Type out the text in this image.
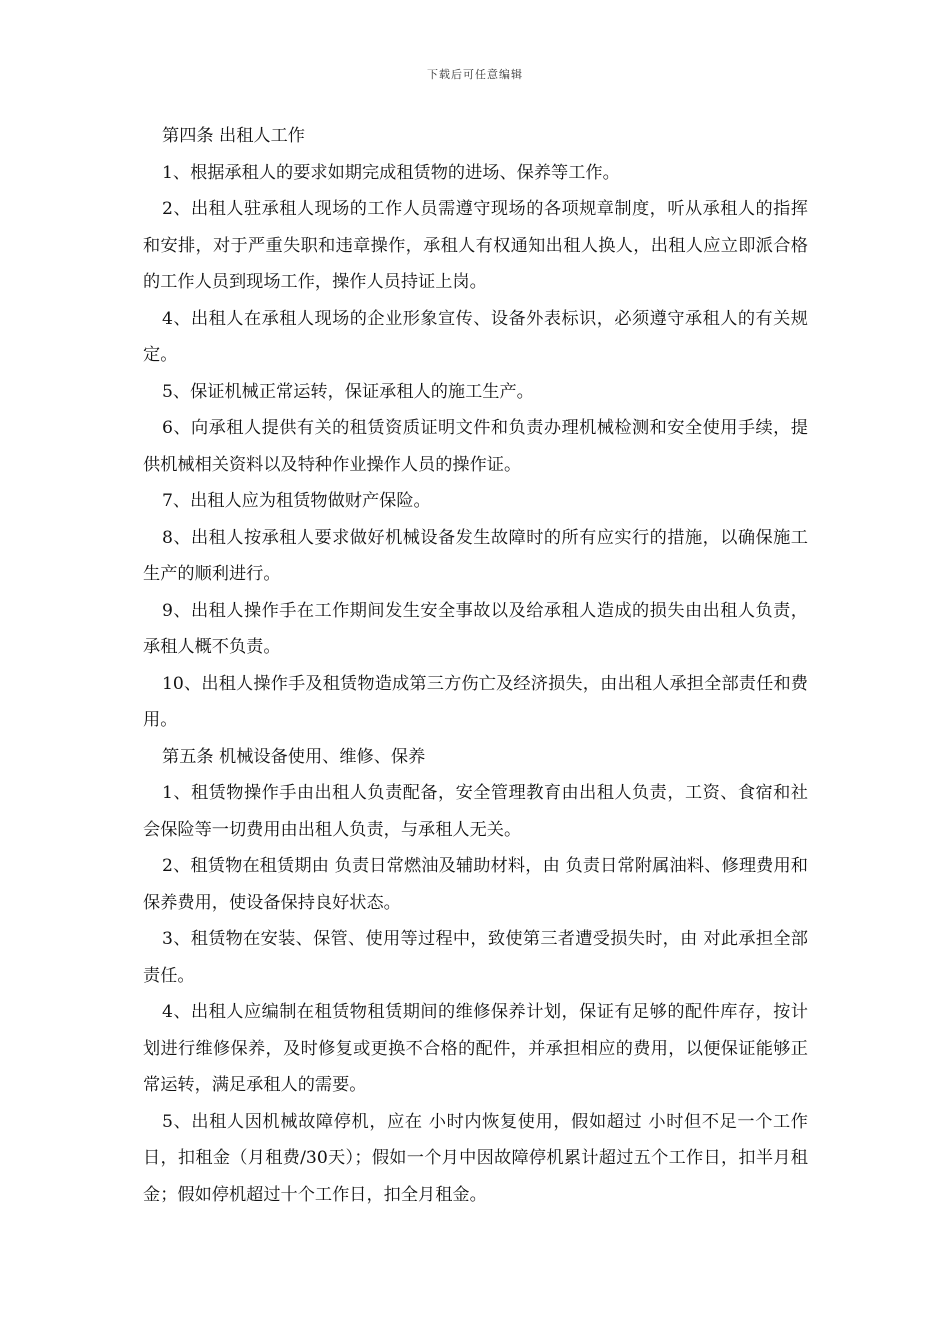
下载后可任意编辑

第四条 出租人工作

1、根据承租人的要求如期完成租赁物的进场、保养等工作。

2、出租人驻承租人现场的工作人员需遵守现场的各项规章制度，听从承租人的指挥和安排，对于严重失职和违章操作，承租人有权通知出租人换人，出租人应立即派合格的工作人员到现场工作，操作人员持证上岗。

4、出租人在承租人现场的企业形象宣传、设备外表标识，必须遵守承租人的有关规定。

5、保证机械正常运转，保证承租人的施工生产。

6、向承租人提供有关的租赁资质证明文件和负责办理机械检测和安全使用手续，提供机械相关资料以及特种作业操作人员的操作证。

7、出租人应为租赁物做财产保险。

8、出租人按承租人要求做好机械设备发生故障时的所有应实行的措施，以确保施工生产的顺利进行。

9、出租人操作手在工作期间发生安全事故以及给承租人造成的损失由出租人负责，承租人概不负责。

10、出租人操作手及租赁物造成第三方伤亡及经济损失，由出租人承担全部责任和费用。

第五条 机械设备使用、维修、保养

1、租赁物操作手由出租人负责配备，安全管理教育由出租人负责，工资、食宿和社会保险等一切费用由出租人负责，与承租人无关。

2、租赁物在租赁期由 负责日常燃油及辅助材料，由 负责日常附属油料、修理费用和保养费用，使设备保持良好状态。

3、租赁物在安装、保管、使用等过程中，致使第三者遭受损失时，由 对此承担全部责任。

4、出租人应编制在租赁物租赁期间的维修保养计划，保证有足够的配件库存，按计划进行维修保养，及时修复或更换不合格的配件，并承担相应的费用，以便保证能够正常运转，满足承租人的需要。

5、出租人因机械故障停机，应在 小时内恢复使用，假如超过 小时但不足一个工作日，扣租金（月租费/30天）；假如一个月中因故障停机累计超过五个工作日，扣半月租金；假如停机超过十个工作日，扣全月租金。
